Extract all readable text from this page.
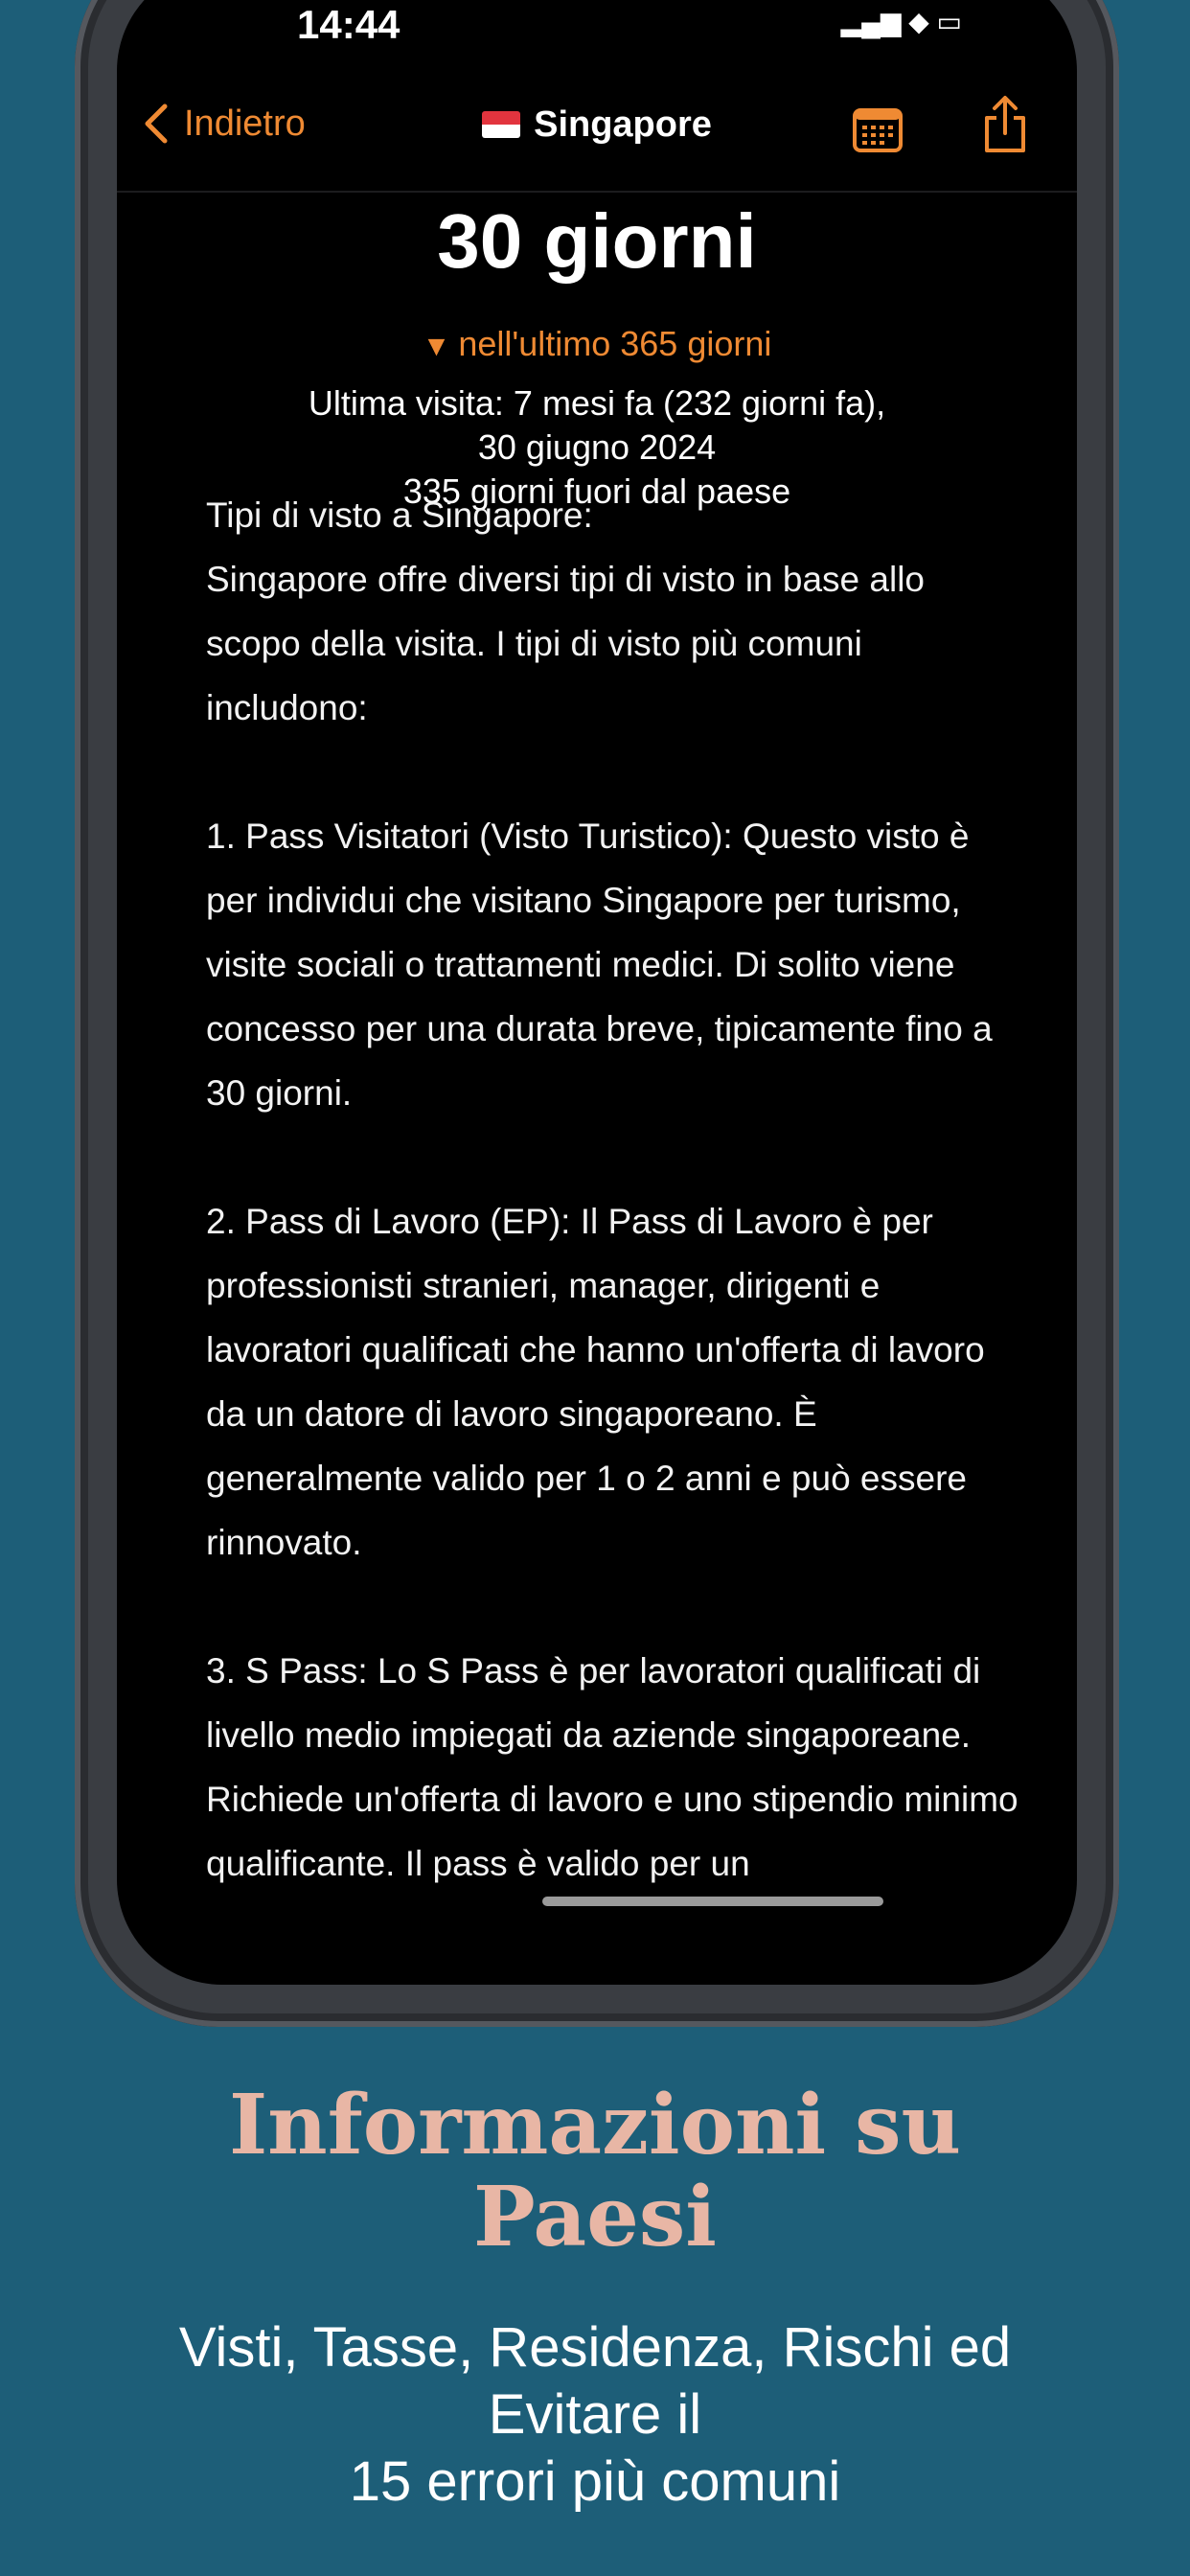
14:44	▂▄▆ ◆ ▭
Indietro	Singapore
30 giorni
▼ nell'ultimo 365 giorni
Ultima visita: 7 mesi fa (232 giorni fa),
30 giugno 2024
335 giorni fuori dal paese
Tipi di visto a Singapore:
Singapore offre diversi tipi di visto in base allo scopo della visita. I tipi di visto più comuni includono:

1. Pass Visitatori (Visto Turistico): Questo visto è per individui che visitano Singapore per turismo, visite sociali o trattamenti medici. Di solito viene concesso per una durata breve, tipicamente fino a 30 giorni.

2. Pass di Lavoro (EP): Il Pass di Lavoro è per professionisti stranieri, manager, dirigenti e lavoratori qualificati che hanno un'offerta di lavoro da un datore di lavoro singaporeano. È generalmente valido per 1 o 2 anni e può essere rinnovato.

3. S Pass: Lo S Pass è per lavoratori qualificati di livello medio impiegati da aziende singaporeane. Richiede un'offerta di lavoro e uno stipendio minimo qualificante. Il pass è valido per un
Informazioni su
Paesi
Visti, Tasse, Residenza, Rischi ed
Evitare il
15 errori più comuni
